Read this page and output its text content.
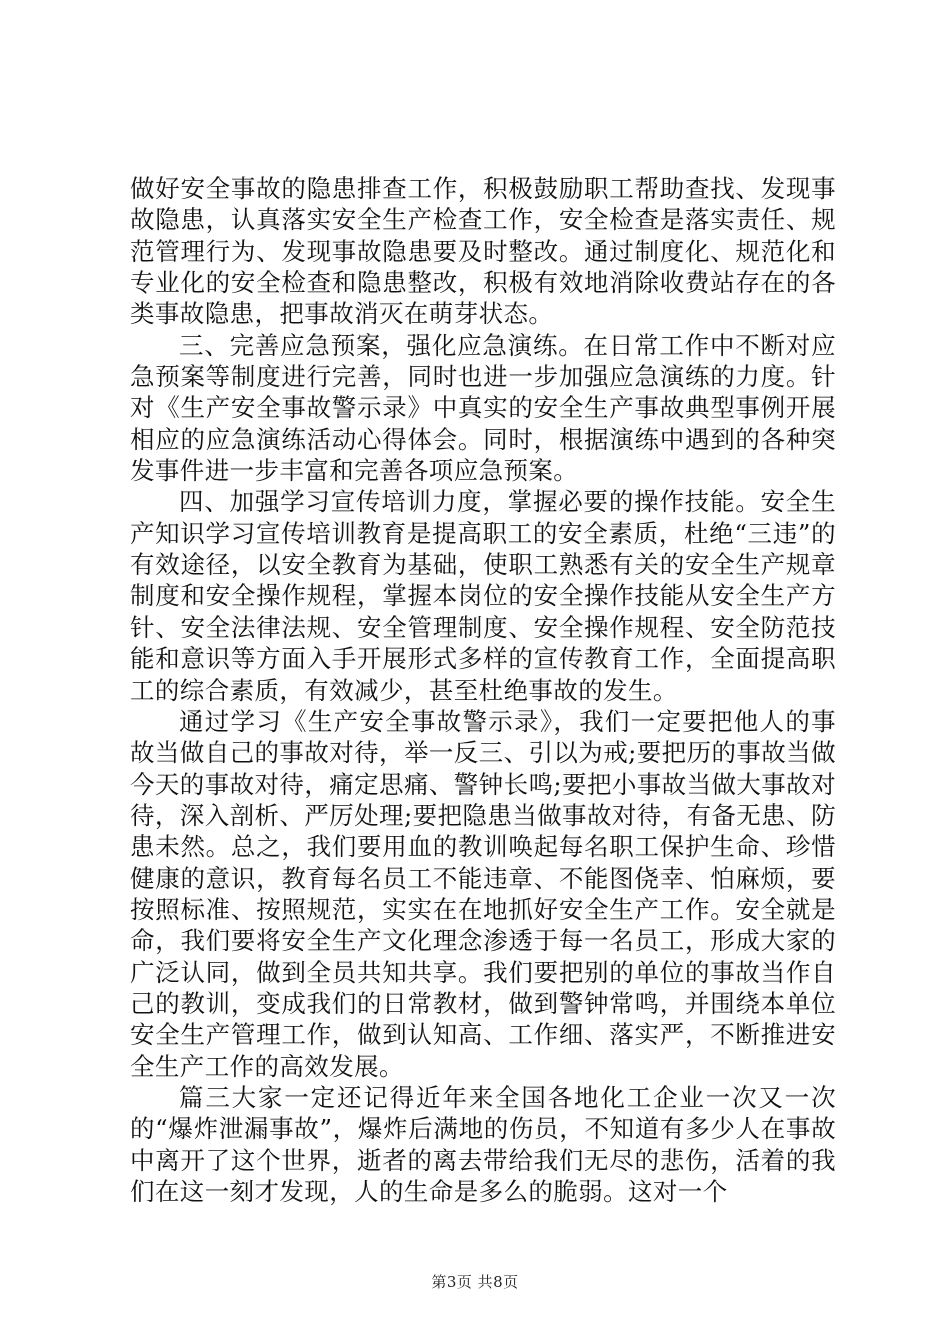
做好安全事故的隐患排查工作，积极鼓励职工帮助查找、发现事故隐患，认真落实安全生产检查工作，安全检查是落实责任、规范管理行为、发现事故隐患要及时整改。通过制度化、规范化和专业化的安全检查和隐患整改，积极有效地消除收费站存在的各类事故隐患，把事故消灭在萌芽状态。

三、完善应急预案，强化应急演练。在日常工作中不断对应急预案等制度进行完善，同时也进一步加强应急演练的力度。针对《生产安全事故警示录》中真实的安全生产事故典型事例开展相应的应急演练活动心得体会。同时，根据演练中遇到的各种突发事件进一步丰富和完善各项应急预案。

四、加强学习宣传培训力度，掌握必要的操作技能。安全生产知识学习宣传培训教育是提高职工的安全素质，杜绝“三违”的有效途径，以安全教育为基础，使职工熟悉有关的安全生产规章制度和安全操作规程，掌握本岗位的安全操作技能从安全生产方针、安全法律法规、安全管理制度、安全操作规程、安全防范技能和意识等方面入手开展形式多样的宣传教育工作，全面提高职工的综合素质，有效减少，甚至杜绝事故的发生。

通过学习《生产安全事故警示录》，我们一定要把他人的事故当做自己的事故对待，举一反三、引以为戒;要把历的事故当做今天的事故对待，痛定思痛、警钟长鸣;要把小事故当做大事故对待，深入剖析、严厉处理;要把隐患当做事故对待，有备无患、防患未然。总之，我们要用血的教训唤起每名职工保护生命、珍惜健康的意识，教育每名员工不能违章、不能图侥幸、怕麻烦，要按照标准、按照规范，实实在在地抓好安全生产工作。安全就是命，我们要将安全生产文化理念渗透于每一名员工，形成大家的广泛认同，做到全员共知共享。我们要把别的单位的事故当作自己的教训，变成我们的日常教材，做到警钟常鸣，并围绕本单位安全生产管理工作，做到认知高、工作细、落实严，不断推进安全生产工作的高效发展。

篇三大家一定还记得近年来全国各地化工企业一次又一次的“爆炸泄漏事故”，爆炸后满地的伤员，不知道有多少人在事故中离开了这个世界，逝者的离去带给我们无尽的悲伤，活着的我们在这一刻才发现，人的生命是多么的脆弱。这对一个

第3页 共8页
